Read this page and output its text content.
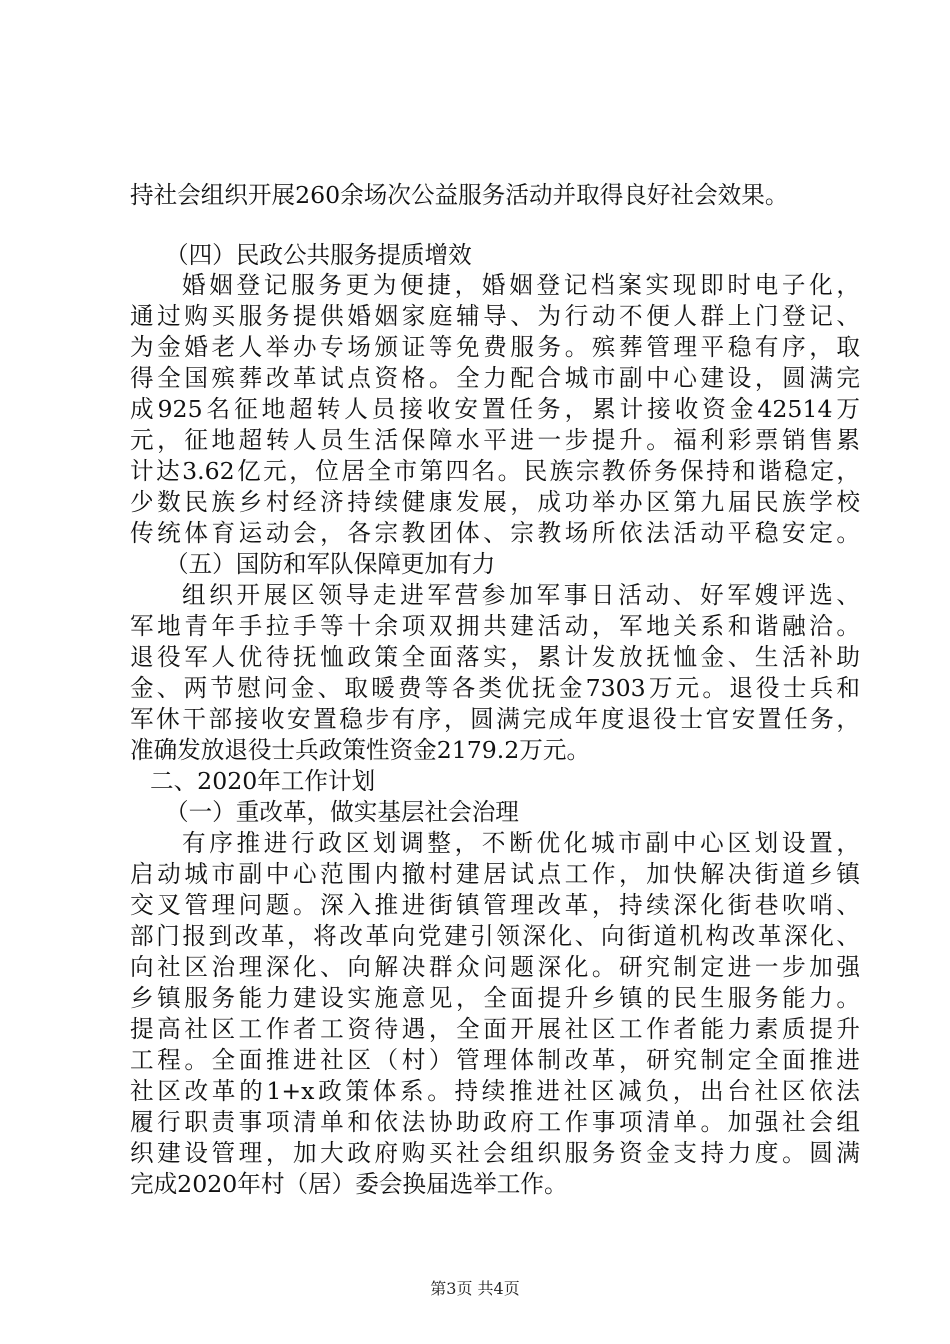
持社会组织开展260余场次公益服务活动并取得良好社会效果。
（四）民政公共服务提质增效
婚姻登记服务更为便捷，婚姻登记档案实现即时电子化，
通过购买服务提供婚姻家庭辅导、为行动不便人群上门登记、
为金婚老人举办专场颁证等免费服务。殡葬管理平稳有序，取
得全国殡葬改革试点资格。全力配合城市副中心建设，圆满完
成925名征地超转人员接收安置任务，累计接收资金42514万
元，征地超转人员生活保障水平进一步提升。福利彩票销售累
计达3.62亿元，位居全市第四名。民族宗教侨务保持和谐稳定，
少数民族乡村经济持续健康发展，成功举办区第九届民族学校
传统体育运动会，各宗教团体、宗教场所依法活动平稳安定。
（五）国防和军队保障更加有力
组织开展区领导走进军营参加军事日活动、好军嫂评选、
军地青年手拉手等十余项双拥共建活动，军地关系和谐融洽。
退役军人优待抚恤政策全面落实，累计发放抚恤金、生活补助
金、两节慰问金、取暖费等各类优抚金7303万元。退役士兵和
军休干部接收安置稳步有序，圆满完成年度退役士官安置任务，
准确发放退役士兵政策性资金2179.2万元。
二、2020年工作计划
（一）重改革，做实基层社会治理
有序推进行政区划调整，不断优化城市副中心区划设置，
启动城市副中心范围内撤村建居试点工作，加快解决街道乡镇
交叉管理问题。深入推进街镇管理改革，持续深化街巷吹哨、
部门报到改革，将改革向党建引领深化、向街道机构改革深化、
向社区治理深化、向解决群众问题深化。研究制定进一步加强
乡镇服务能力建设实施意见，全面提升乡镇的民生服务能力。
提高社区工作者工资待遇，全面开展社区工作者能力素质提升
工程。全面推进社区（村）管理体制改革，研究制定全面推进
社区改革的1+x政策体系。持续推进社区减负，出台社区依法
履行职责事项清单和依法协助政府工作事项清单。加强社会组
织建设管理，加大政府购买社会组织服务资金支持力度。圆满
完成2020年村（居）委会换届选举工作。
第3页 共4页
